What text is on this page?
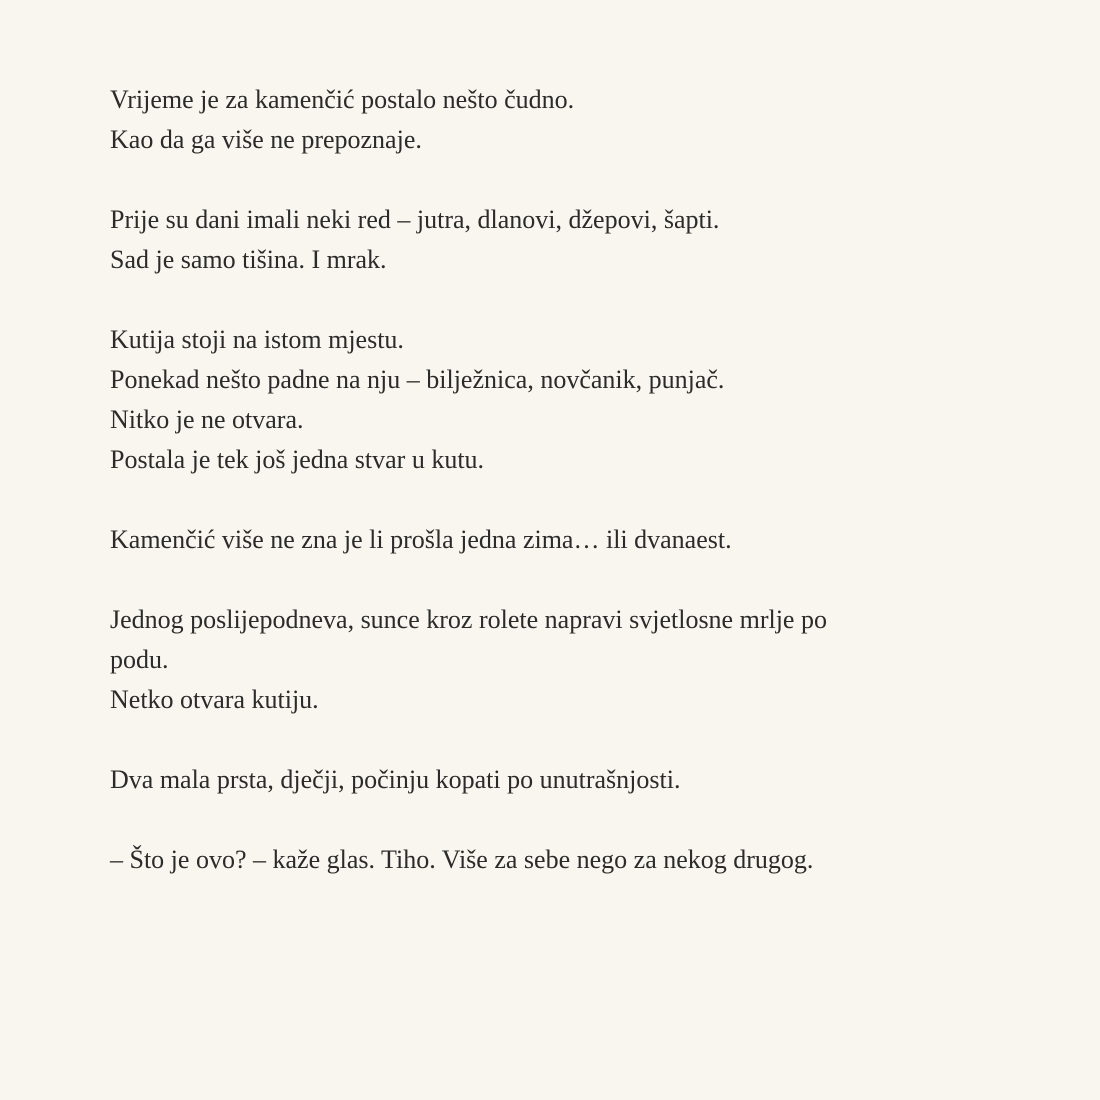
Vrijeme je za kamenčić postalo nešto čudno.
Kao da ga više ne prepoznaje.

Prije su dani imali neki red – jutra, dlanovi, džepovi, šapti.
Sad je samo tišina. I mrak.

Kutija stoji na istom mjestu.
Ponekad nešto padne na nju – bilježnica, novčanik, punjač.
Nitko je ne otvara.
Postala je tek još jedna stvar u kutu.

Kamenčić više ne zna je li prošla jedna zima… ili dvanaest.

Jednog poslijepodneva, sunce kroz rolete napravi svjetlosne mrlje po
podu.
Netko otvara kutiju.

Dva mala prsta, dječji, počinju kopati po unutrašnjosti.

– Što je ovo? – kaže glas. Tiho. Više za sebe nego za nekog drugog.
